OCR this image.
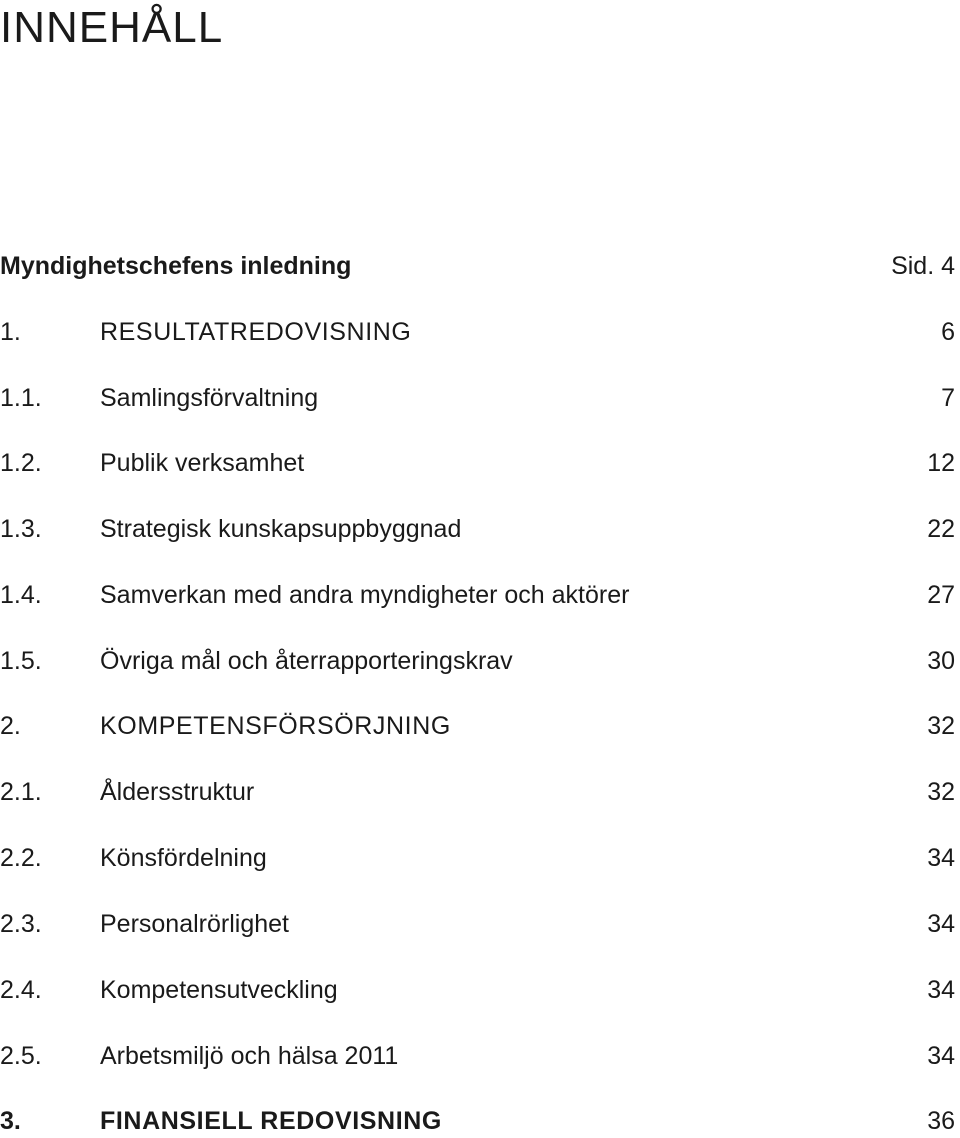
INNEHÅLL
Myndighetschefens inledning	Sid. 4
1.	RESULTATREDOVISNING	6
1.1. Samlingsförvaltning	7
1.2. Publik verksamhet	12
1.3. Strategisk kunskapsuppbyggnad	22
1.4. Samverkan med andra myndigheter och aktörer	27
1.5. Övriga mål och återrapporteringskrav	30
2.	KOMPETENSFÖRSÖRJNING	32
2.1. Åldersstruktur	32
2.2. Könsfördelning	34
2.3. Personalrörlighet	34
2.4. Kompetensutveckling	34
2.5. Arbetsmiljö och hälsa 2011	34
3.	FINANSIELL REDOVISNING	36
